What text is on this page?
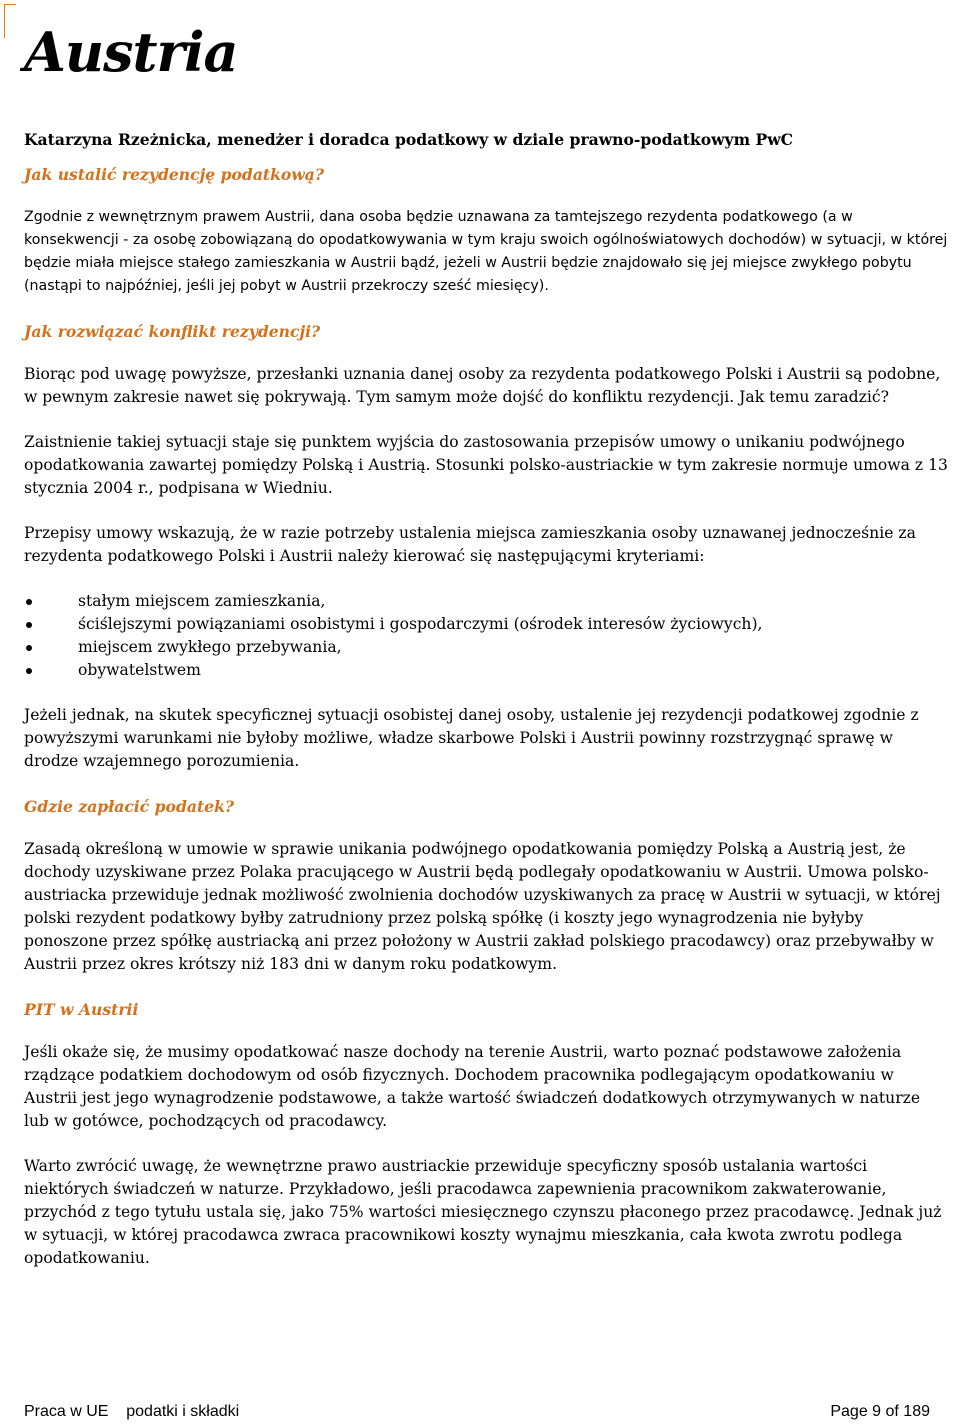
Austria

Katarzyna Rzeżnicka, menedżer i doradca podatkowy w dziale prawno-podatkowym PwC

Jak ustalić rezydencję podatkową?

Zgodnie z wewnętrznym prawem Austrii, dana osoba będzie uznawana za tamtejszego rezydenta podatkowego (a w konsekwencji - za osobę zobowiązaną do opodatkowywania w tym kraju swoich ogólnoświatowych dochodów) w sytuacji, w której będzie miała miejsce stałego zamieszkania w Austrii bądź, jeżeli w Austrii będzie znajdowało się jej miejsce zwykłego pobytu (nastąpi to najpóźniej, jeśli jej pobyt w Austrii przekroczy sześć miesięcy).

Jak rozwiązać konflikt rezydencji?

Biorąc pod uwagę powyższe, przesłanki uznania danej osoby za rezydenta podatkowego Polski i Austrii są podobne, w pewnym zakresie nawet się pokrywają. Tym samym może dojść do konfliktu rezydencji. Jak temu zaradzić?

Zaistnienie takiej sytuacji staje się punktem wyjścia do zastosowania przepisów umowy o unikaniu podwójnego opodatkowania zawartej pomiędzy Polską i Austrią. Stosunki polsko-austriackie w tym zakresie normuje umowa z 13 stycznia 2004 r., podpisana w Wiedniu.

Przepisy umowy wskazują, że w razie potrzeby ustalenia miejsca zamieszkania osoby uznawanej jednocześnie za rezydenta podatkowego Polski i Austrii należy kierować się następującymi kryteriami:

stałym miejscem zamieszkania,
ściślejszymi powiązaniami osobistymi i gospodarczymi (ośrodek interesów życiowych),
miejscem zwykłego przebywania,
obywatelstwem

Jeżeli jednak, na skutek specyficznej sytuacji osobistej danej osoby, ustalenie jej rezydencji podatkowej zgodnie z powyższymi warunkami nie byłoby możliwe, władze skarbowe Polski i Austrii powinny rozstrzygnąć sprawę w drodze wzajemnego porozumienia.

Gdzie zapłacić podatek?

Zasadą określoną w umowie w sprawie unikania podwójnego opodatkowania pomiędzy Polską a Austrią jest, że dochody uzyskiwane przez Polaka pracującego w Austrii będą podlegały opodatkowaniu w Austrii. Umowa polsko-austriacka przewiduje jednak możliwość zwolnienia dochodów uzyskiwanych za pracę w Austrii w sytuacji, w której polski rezydent podatkowy byłby zatrudniony przez polską spółkę (i koszty jego wynagrodzenia nie byłyby ponoszone przez spółkę austriacką ani przez położony w Austrii zakład polskiego pracodawcy) oraz przebywałby w Austrii przez okres krótszy niż 183 dni w danym roku podatkowym.

PIT w Austrii

Jeśli okaże się, że musimy opodatkować nasze dochody na terenie Austrii, warto poznać podstawowe założenia rządzące podatkiem dochodowym od osób fizycznych. Dochodem pracownika podlegającym opodatkowaniu w Austrii jest jego wynagrodzenie podstawowe, a także wartość świadczeń dodatkowych otrzymywanych w naturze lub w gotówce, pochodzących od pracodawcy.

Warto zwrócić uwagę, że wewnętrzne prawo austriackie przewiduje specyficzny sposób ustalania wartości niektórych świadczeń w naturze. Przykładowo, jeśli pracodawca zapewnienia pracownikom zakwaterowanie, przychód z tego tytułu ustala się, jako 75% wartości miesięcznego czynszu płaconego przez pracodawcę. Jednak już w sytuacji, w której pracodawca zwraca pracownikowi koszty wynajmu mieszkania, cała kwota zwrotu podlega opodatkowaniu.

Praca w UE    podatki i składki	Page 9 of 189
